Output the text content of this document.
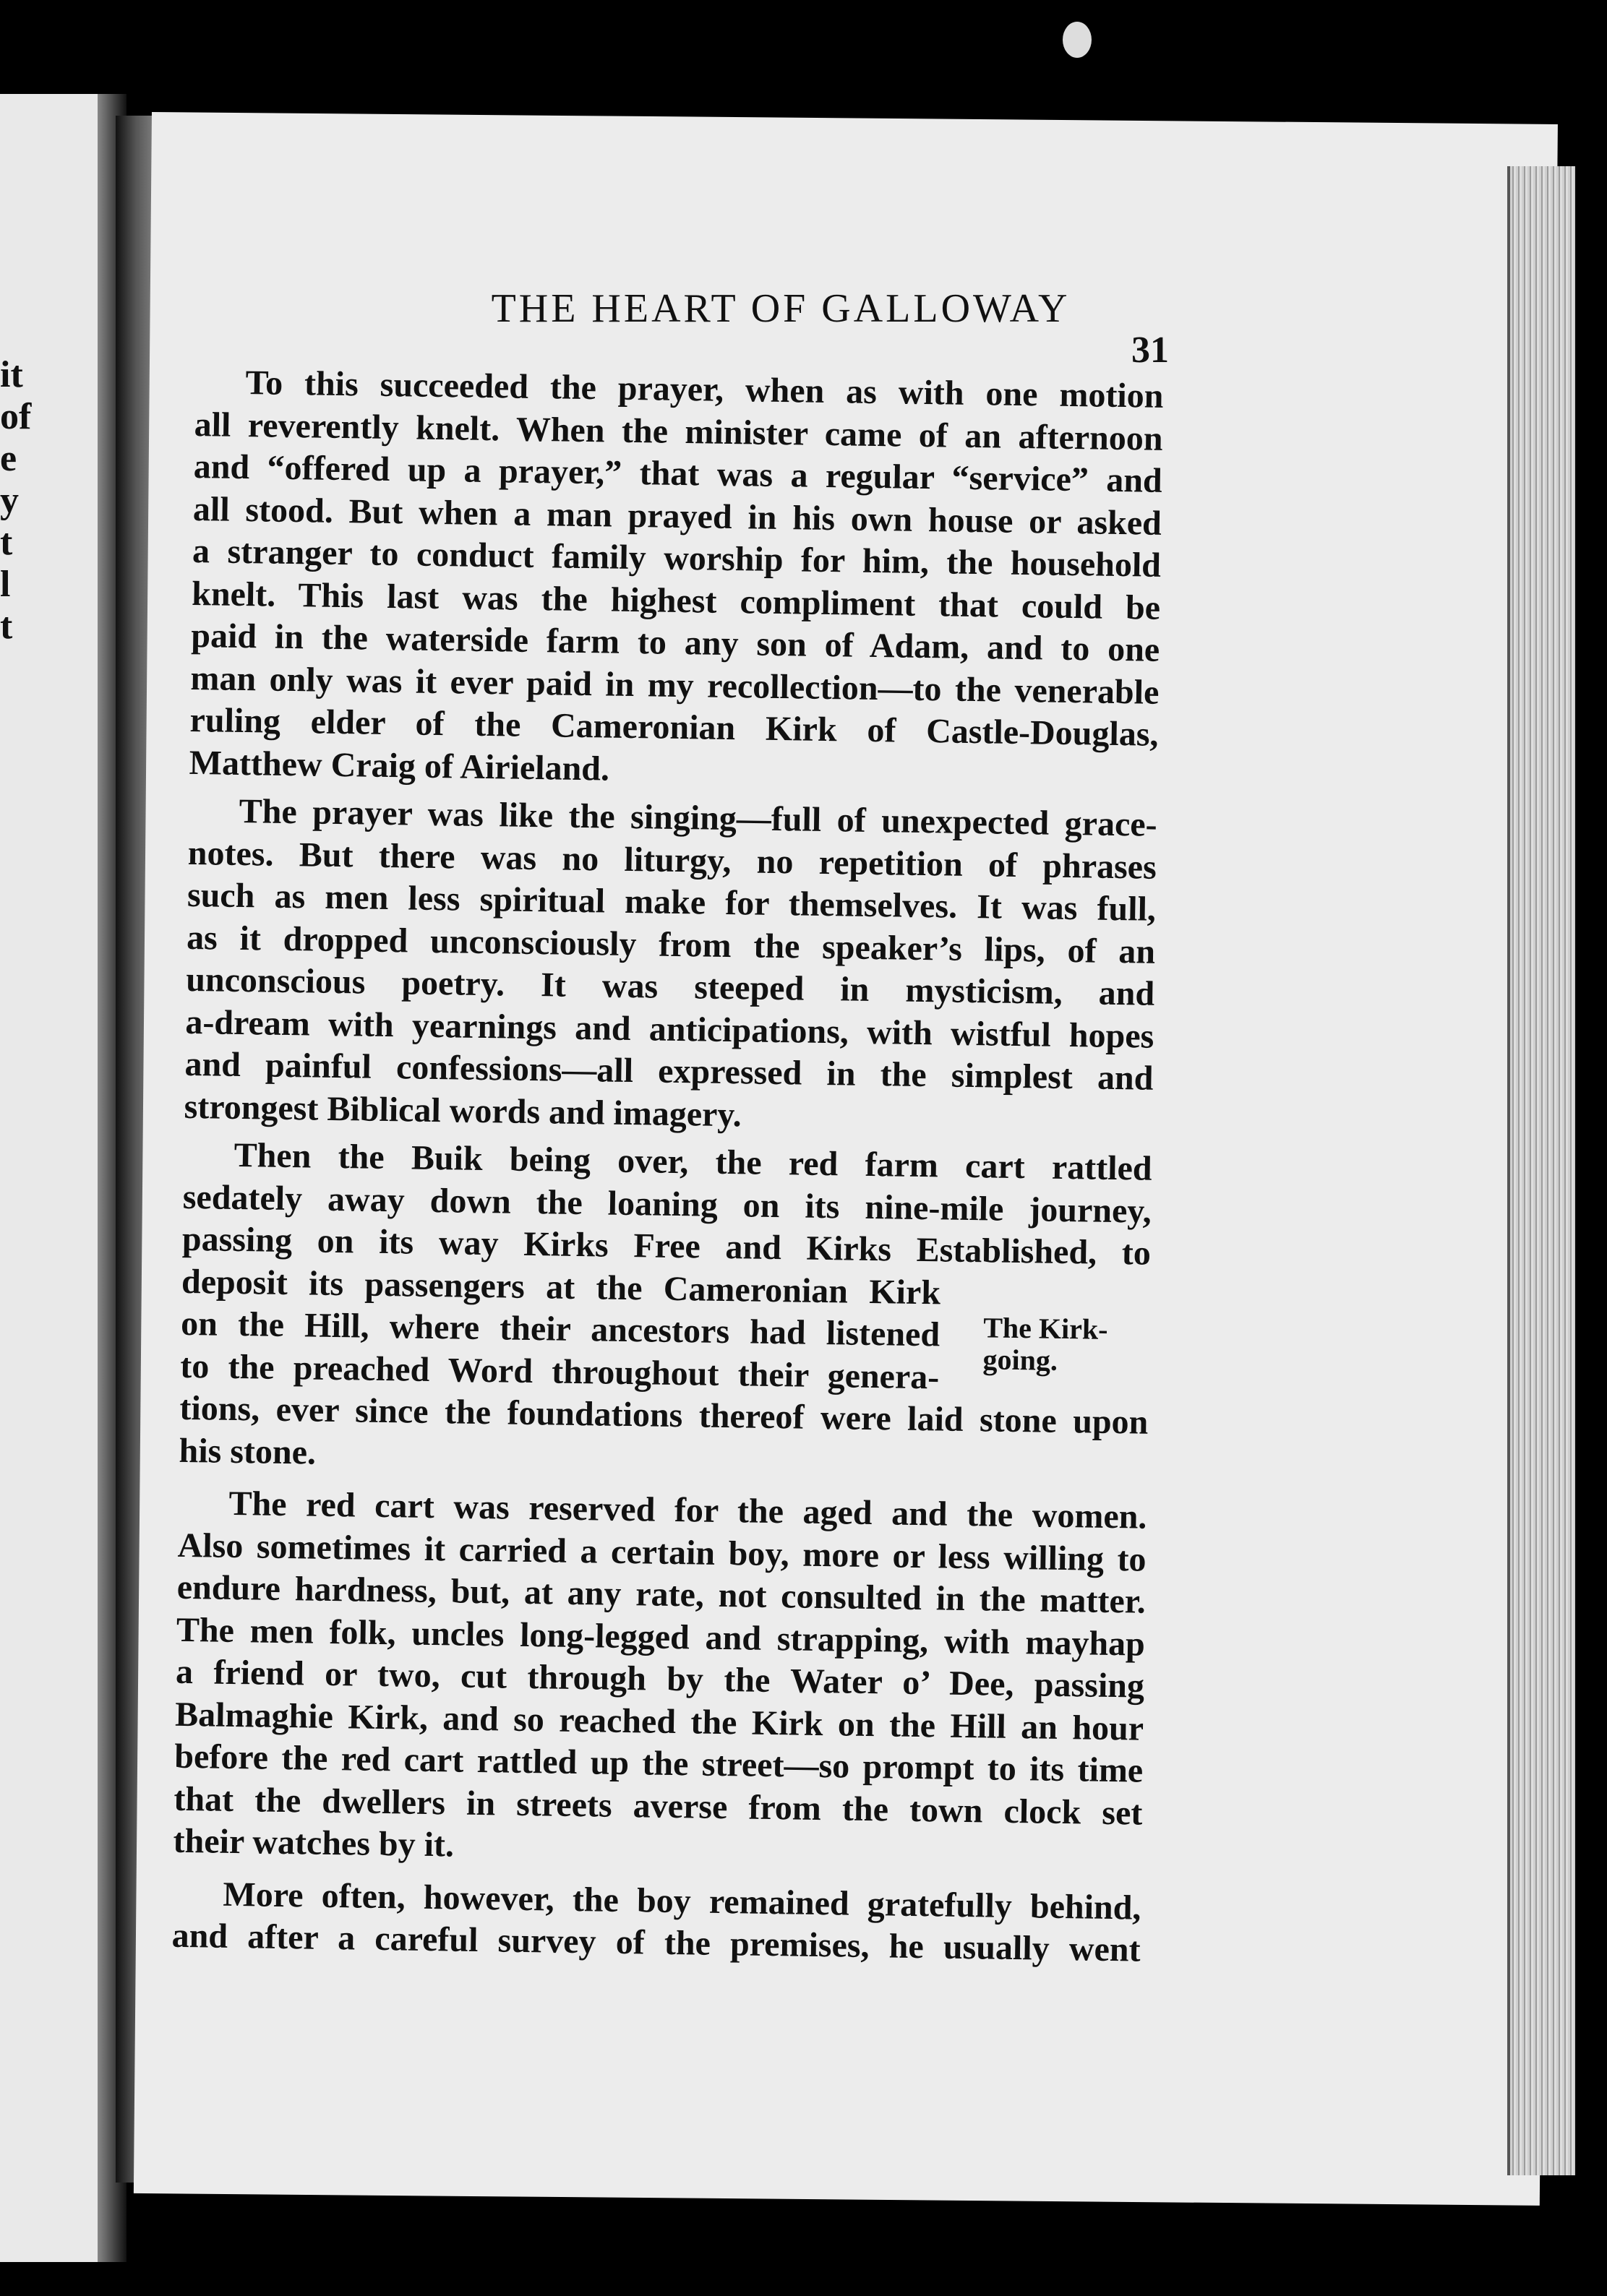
it
of
e
y
t
l
t
THE HEART OF GALLOWAY
31
To this succeeded the prayer, when as with one motion
all reverently knelt. When the minister came of an afternoon
and “offered up a prayer,” that was a regular “service” and
all stood. But when a man prayed in his own house or asked
a stranger to conduct family worship for him, the household
knelt. This last was the highest compliment that could be
paid in the waterside farm to any son of Adam, and to one
man only was it ever paid in my recollection—to the venerable
ruling elder of the Cameronian Kirk of Castle-Douglas,
Matthew Craig of Airieland.
The prayer was like the singing—full of unexpected grace-
notes. But there was no liturgy, no repetition of phrases
such as men less spiritual make for themselves. It was full,
as it dropped unconsciously from the speaker’s lips, of an
unconscious poetry. It was steeped in mysticism, and
a-dream with yearnings and anticipations, with wistful hopes
and painful confessions—all expressed in the simplest and
strongest Biblical words and imagery.
Then the Buik being over, the red farm cart rattled
sedately away down the loaning on its nine-mile journey,
passing on its way Kirks Free and Kirks Established, to
deposit its passengers at the Cameronian Kirk
on the Hill, where their ancestors had listened
to the preached Word throughout their genera-
tions, ever since the foundations thereof were laid stone upon
his stone.
The Kirk-
going.
The red cart was reserved for the aged and the women.
Also sometimes it carried a certain boy, more or less willing to
endure hardness, but, at any rate, not consulted in the matter.
The men folk, uncles long-legged and strapping, with mayhap
a friend or two, cut through by the Water o’ Dee, passing
Balmaghie Kirk, and so reached the Kirk on the Hill an hour
before the red cart rattled up the street—so prompt to its time
that the dwellers in streets averse from the town clock set
their watches by it.
More often, however, the boy remained gratefully behind,
and after a careful survey of the premises, he usually went
